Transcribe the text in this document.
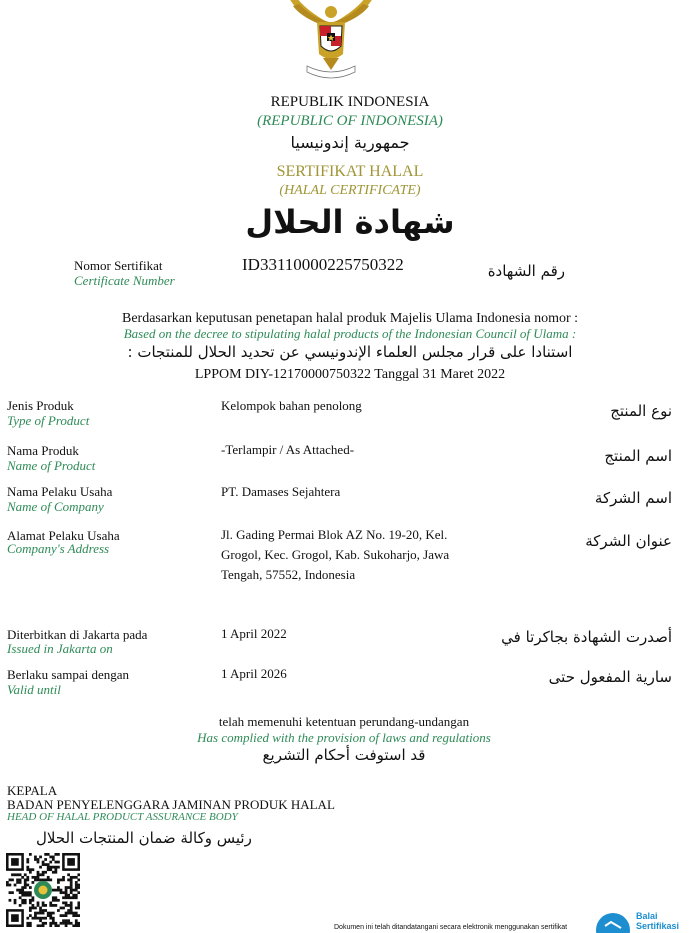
REPUBLIK INDONESIA
(REPUBLIC OF INDONESIA)
جمهورية إندونيسيا
SERTIFIKAT HALAL
(HALAL CERTIFICATE)
شهادة الحلال
Nomor Sertifikat
Certificate Number
ID33110000225750322	رقم الشهادة
Berdasarkan keputusan penetapan halal produk Majelis Ulama Indonesia nomor :
Based on the decree to stipulating halal products of the Indonesian Council of Ulama :
استنادا على قرار مجلس العلماء الإندونيسي عن تحديد الحلال للمنتجات :
LPPOM DIY-12170000750322 Tanggal 31 Maret 2022
Jenis Produk
Type of Product
Kelompok bahan penolong	نوع المنتج
Nama Produk
Name of Product
-Terlampir / As Attached-	اسم المنتج
Nama Pelaku Usaha
Name of Company
PT. Damases Sejahtera	اسم الشركة
Alamat Pelaku Usaha
Company's Address
Jl. Gading Permai Blok AZ No. 19-20, Kel.
Grogol, Kec. Grogol, Kab. Sukoharjo, Jawa
Tengah, 57552, Indonesia
عنوان الشركة
Diterbitkan di Jakarta pada
Issued in Jakarta on
1 April 2022	أصدرت الشهادة بجاكرتا في
Berlaku sampai dengan
Valid until
1 April 2026	سارية المفعول حتى
telah memenuhi ketentuan perundang-undangan
Has complied with the provision of laws and regulations
قد استوفت أحكام التشريع
KEPALA
BADAN PENYELENGGARA JAMINAN PRODUK HALAL
HEAD OF HALAL PRODUCT ASSURANCE BODY
رئيس وكالة ضمان المنتجات الحلال
Dokumen ini telah ditandatangani secara elektronik menggunakan sertifikat
Balai
Sertifikasi
